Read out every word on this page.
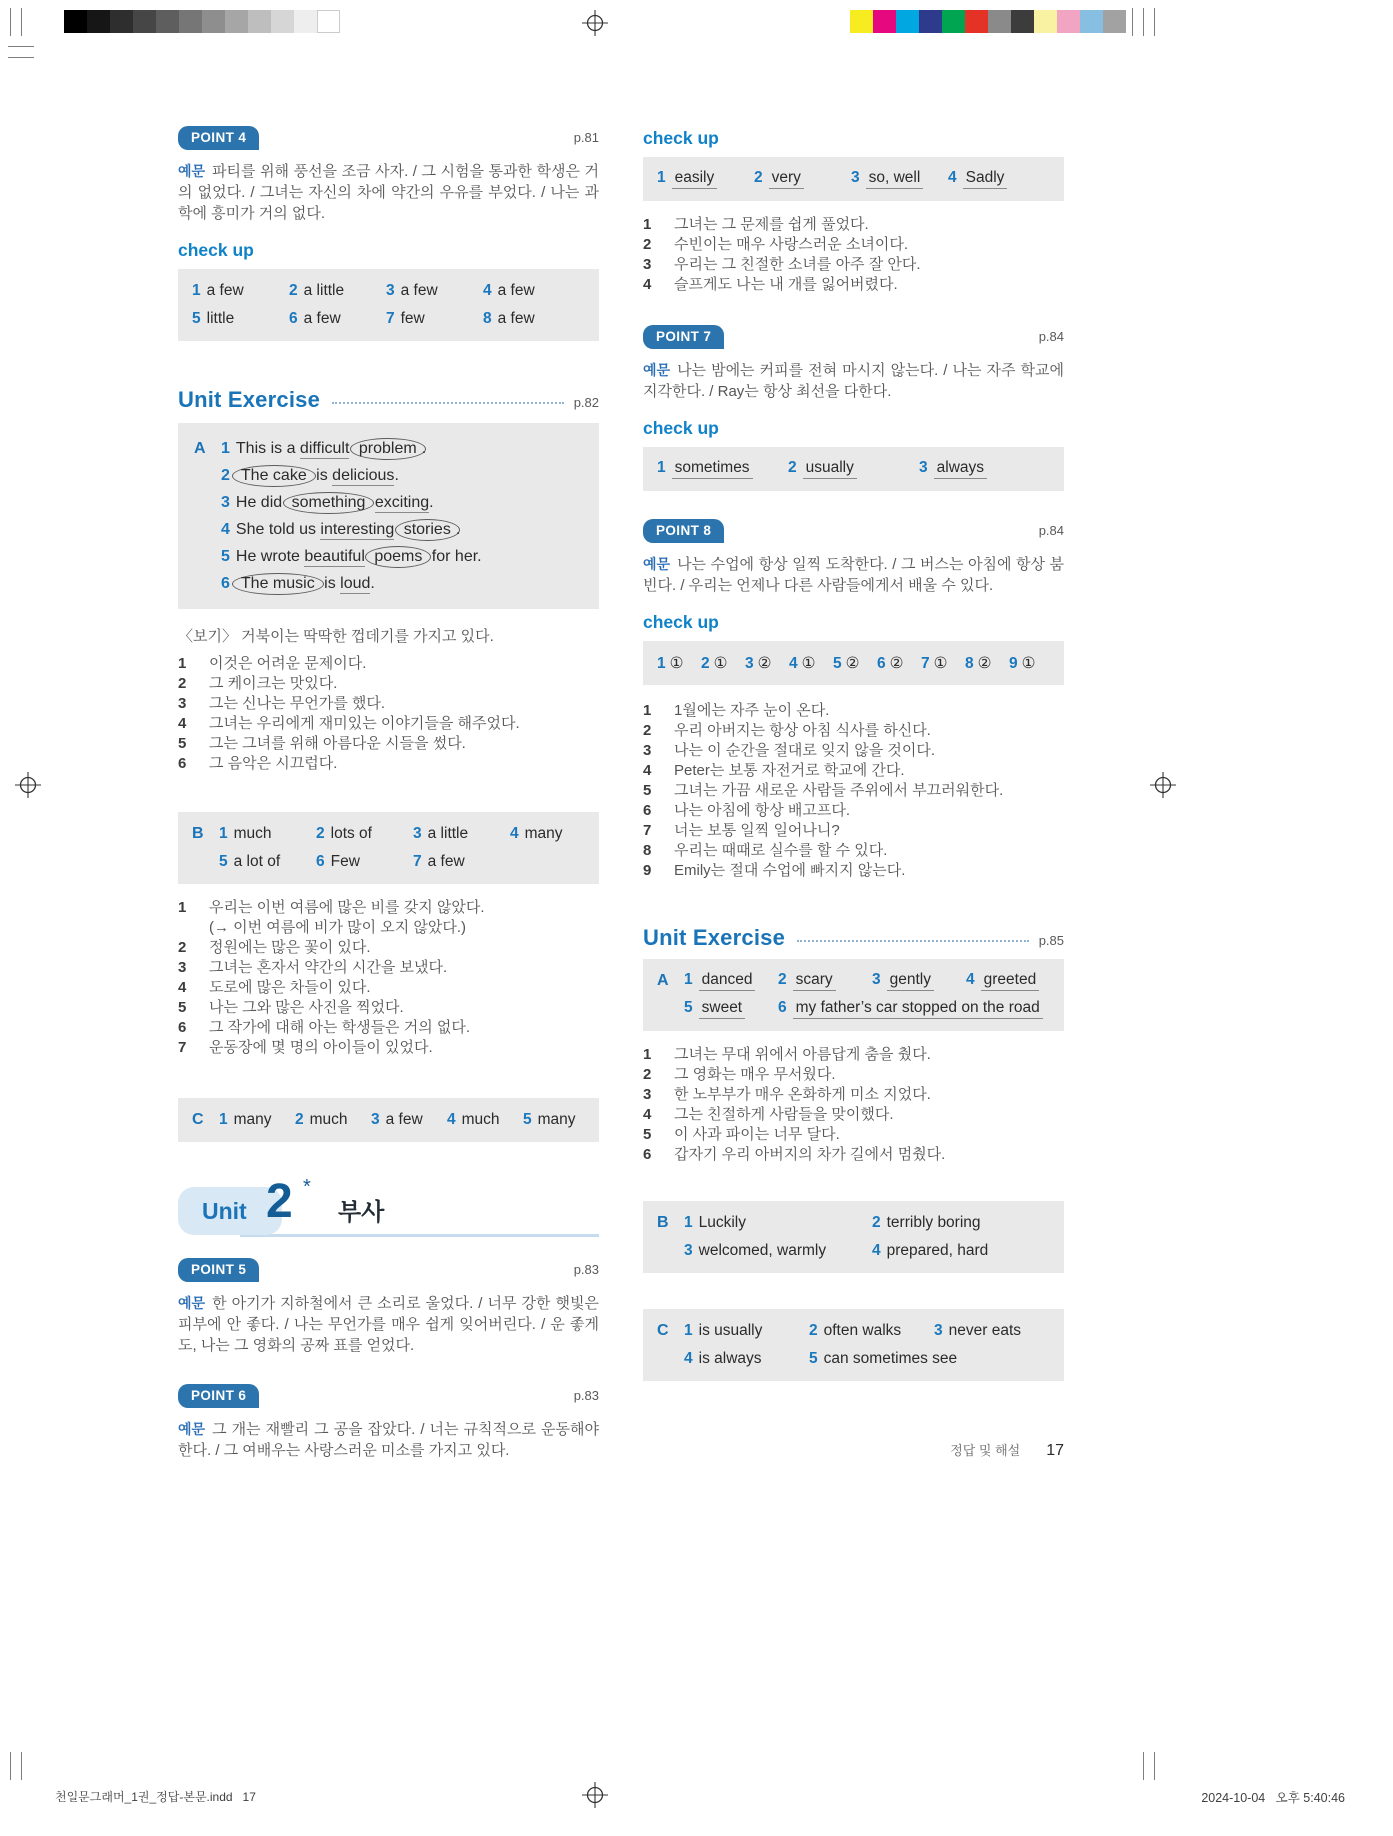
POINT 4	p.81
예문 파티를 위해 풍선을 조금 사자. / 그 시험을 통과한 학생은 거의 없었다. / 그녀는 자신의 차에 약간의 우유를 부었다. / 나는 과학에 흥미가 거의 없다.
check up
1 a few	2 a little	3 a few	4 a few
5 little	6 a few	7 few	8 a few
Unit Exercise	p.82
A 1 This is a difficult problem .
2 The cake is delicious.
3 He did something exciting.
4 She told us interesting stories .
5 He wrote beautiful poems for her.
6 The music is loud.
〈보기〉 거북이는 딱딱한 껍데기를 가지고 있다.
1	이것은 어려운 문제이다.
2	그 케이크는 맛있다.
3	그는 신나는 무언가를 했다.
4	그녀는 우리에게 재미있는 이야기들을 해주었다.
5	그는 그녀를 위해 아름다운 시들을 썼다.
6	그 음악은 시끄럽다.
B 1 much	2 lots of	3 a little	4 many
5 a lot of 6 Few	7 a few
1	우리는 이번 여름에 많은 비를 갖지 않았다.
(→ 이번 여름에 비가 많이 오지 않았다.)
2	정원에는 많은 꽃이 있다.
3	그녀는 혼자서 약간의 시간을 보냈다.
4	도로에 많은 차들이 있다.
5	나는 그와 많은 사진을 찍었다.
6	그 작가에 대해 아는 학생들은 거의 없다.
7	운동장에 몇 명의 아이들이 있었다.
C 1 many 2 much 3 a few 4 much 5 many
Unit 2 *
부사
POINT 5	p.83
예문 한 아기가 지하철에서 큰 소리로 울었다. / 너무 강한 햇빛은 피부에 안 좋다. / 나는 무언가를 매우 쉽게 잊어버린다. / 운 좋게도, 나는 그 영화의 공짜 표를 얻었다.
POINT 6	p.83
예문 그 개는 재빨리 그 공을 잡았다. / 너는 규칙적으로 운동해야 한다. / 그 여배우는 사랑스러운 미소를 가지고 있다.
check up
1 easily	2 very	3 so, well 4 Sadly
1	그녀는 그 문제를 쉽게 풀었다.
2	수빈이는 매우 사랑스러운 소녀이다.
3	우리는 그 친절한 소녀를 아주 잘 안다.
4	슬프게도 나는 내 개를 잃어버렸다.
POINT 7	p.84
예문 나는 밤에는 커피를 전혀 마시지 않는다. / 나는 자주 학교에 지각한다. / Ray는 항상 최선을 다한다.
check up
1 sometimes 2 usually	3 always
POINT 8	p.84
예문 나는 수업에 항상 일찍 도착한다. / 그 버스는 아침에 항상 붐빈다. / 우리는 언제나 다른 사람들에게서 배울 수 있다.
check up
1 ① 2 ① 3 ② 4 ① 5 ② 6 ② 7 ① 8 ② 9 ①
1	1월에는 자주 눈이 온다.
2	우리 아버지는 항상 아침 식사를 하신다.
3	나는 이 순간을 절대로 잊지 않을 것이다.
4	Peter는 보통 자전거로 학교에 간다.
5	그녀는 가끔 새로운 사람들 주위에서 부끄러워한다.
6	나는 아침에 항상 배고프다.
7	너는 보통 일찍 일어나니?
8	우리는 때때로 실수를 할 수 있다.
9	Emily는 절대 수업에 빠지지 않는다.
Unit Exercise	p.85
A 1 danced 2 scary	3 gently 4 greeted
5 sweet 6 my father’s car stopped on the road
1	그녀는 무대 위에서 아름답게 춤을 췄다.
2	그 영화는 매우 무서웠다.
3	한 노부부가 매우 온화하게 미소 지었다.
4	그는 친절하게 사람들을 맞이했다.
5	이 사과 파이는 너무 달다.
6	갑자기 우리 아버지의 차가 길에서 멈췄다.
B 1 Luckily	2 terribly boring
3 welcomed, warmly	4 prepared, hard
C 1 is usually	2 often walks 3 never eats
4 is always	5 can sometimes see
정답 및 해설 17
천일문그래머_1권_정답-본문.indd   17	2024-10-04   오후 5:40:46
